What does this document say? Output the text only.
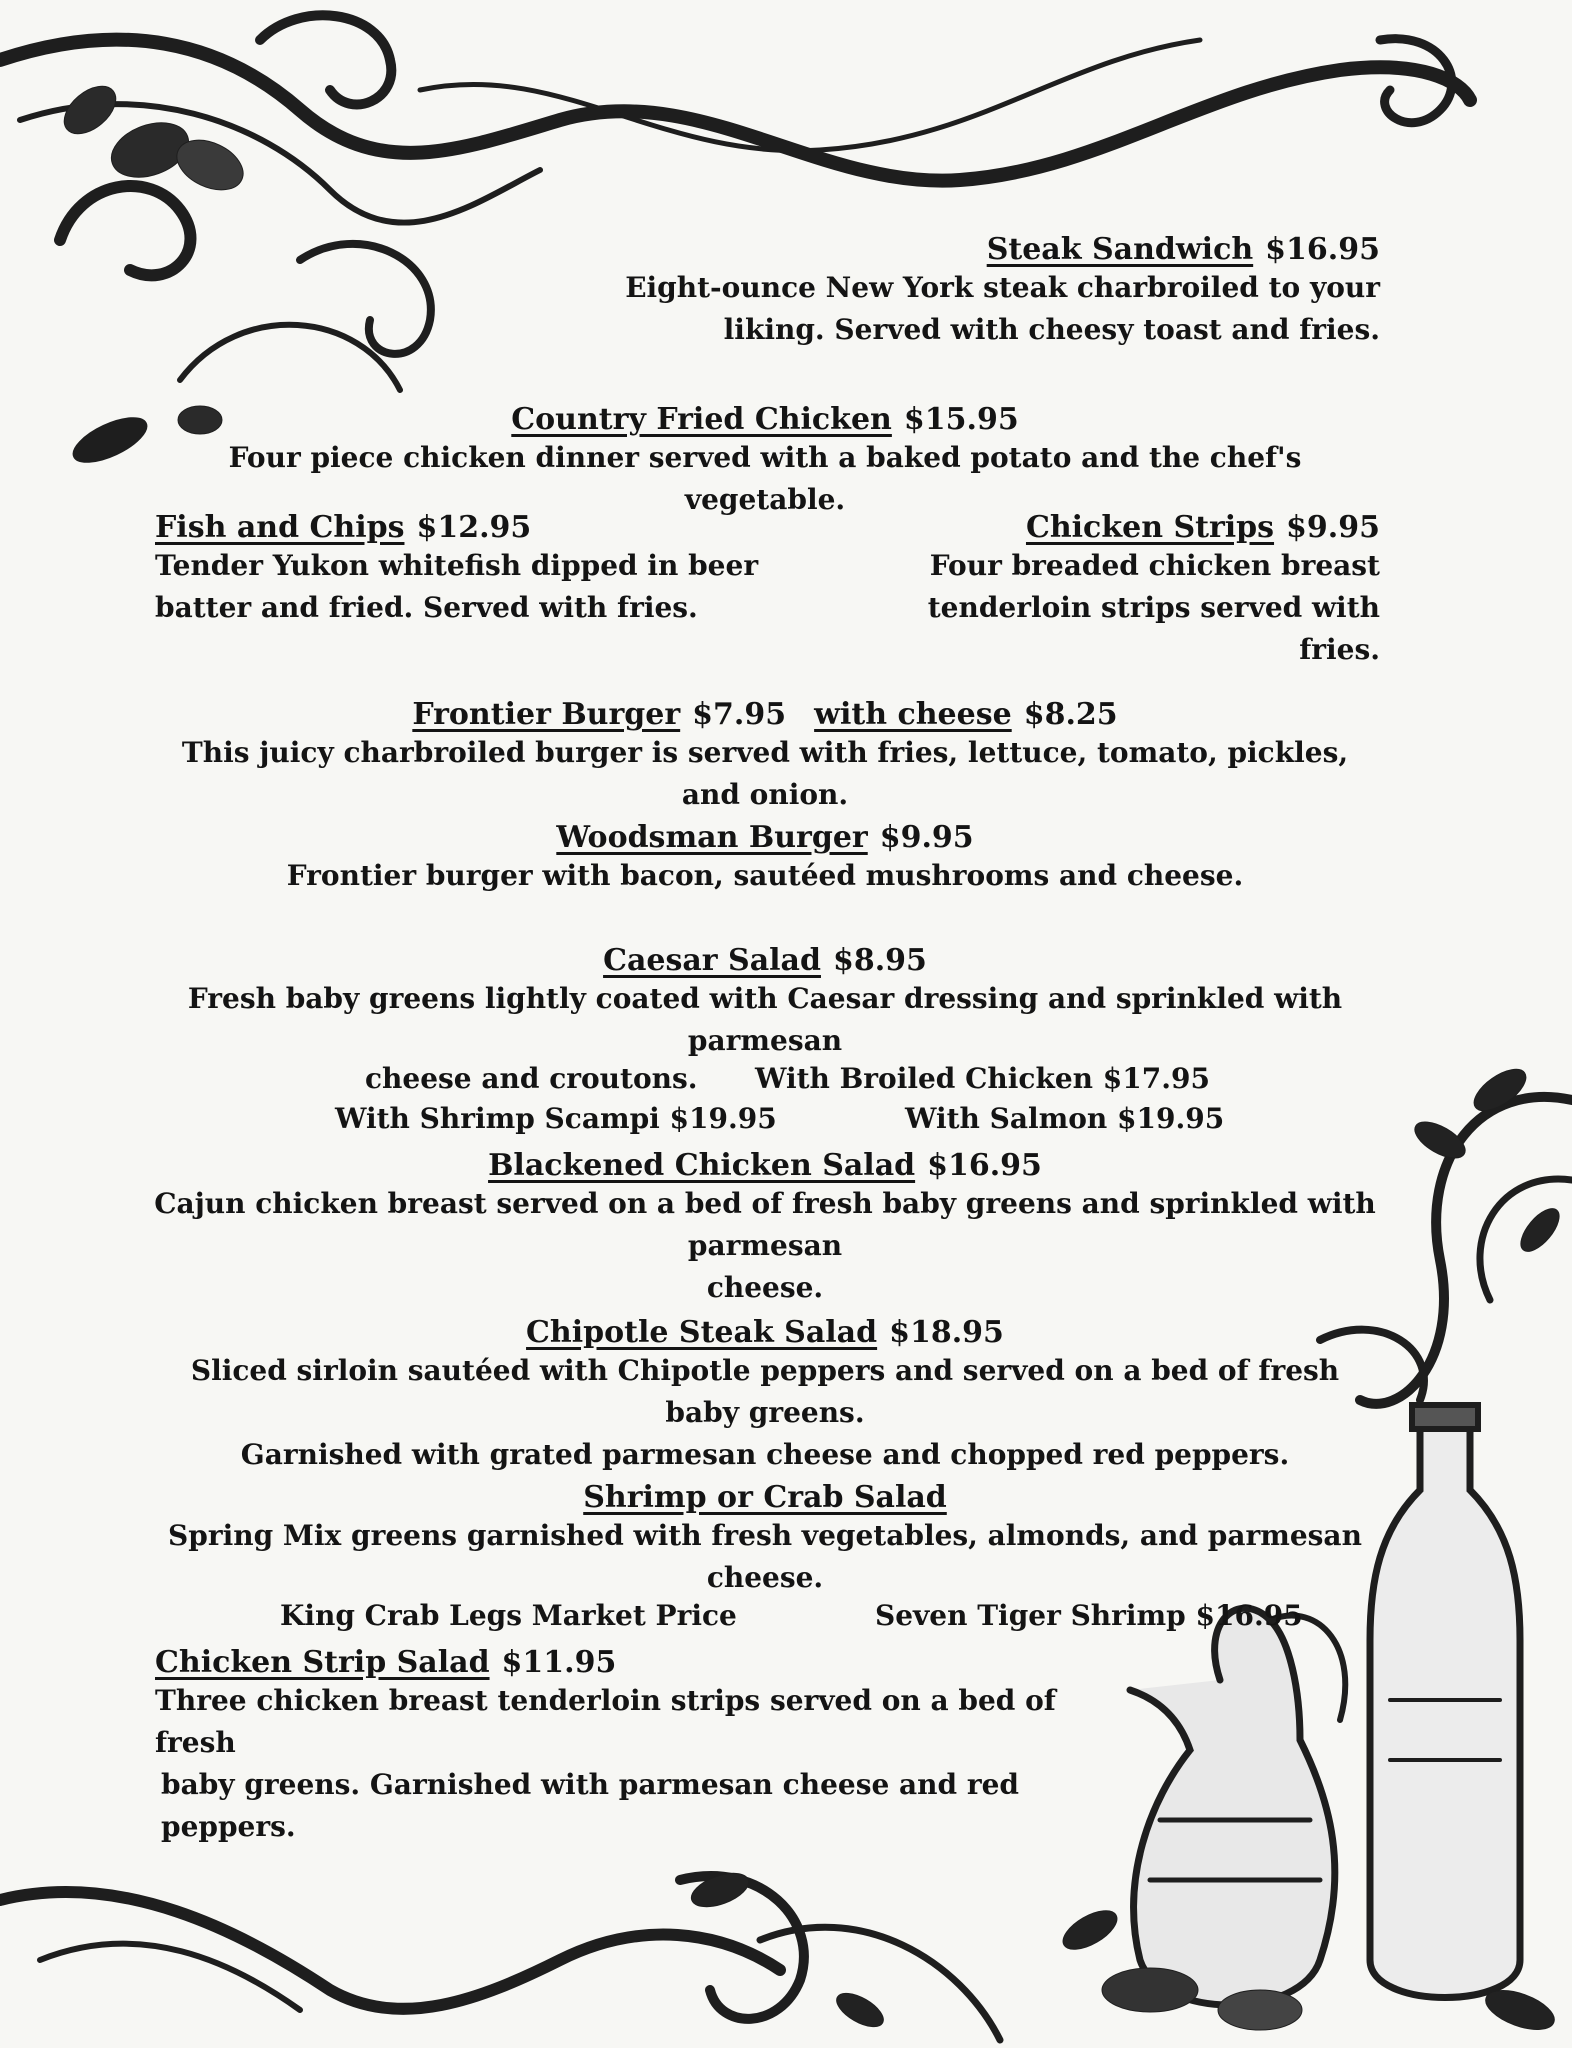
Steak Sandwich $16.95
Eight-ounce New York steak charbroiled to your
liking. Served with cheesy toast and fries.
Country Fried Chicken $15.95
Four piece chicken dinner served with a baked potato and the chef's vegetable.
Fish and Chips $12.95
Tender Yukon whitefish dipped in beer
batter and fried. Served with fries.
Chicken Strips $9.95
Four breaded chicken breast
tenderloin strips served with fries.
Frontier Burger $7.95 with cheese $8.25
This juicy charbroiled burger is served with fries, lettuce, tomato, pickles, and onion.
Woodsman Burger $9.95
Frontier burger with bacon, sautéed mushrooms and cheese.
Caesar Salad $8.95
Fresh baby greens lightly coated with Caesar dressing and sprinkled with parmesan
cheese and croutons. With Broiled Chicken $17.95
With Shrimp Scampi $19.95	With Salmon $19.95
Blackened Chicken Salad $16.95
Cajun chicken breast served on a bed of fresh baby greens and sprinkled with parmesan
cheese.
Chipotle Steak Salad $18.95
Sliced sirloin sautéed with Chipotle peppers and served on a bed of fresh baby greens.
Garnished with grated parmesan cheese and chopped red peppers.
Shrimp or Crab Salad
Spring Mix greens garnished with fresh vegetables, almonds, and parmesan cheese.
King Crab Legs Market Price	Seven Tiger Shrimp $16.95
Chicken Strip Salad $11.95
Three chicken breast tenderloin strips served on a bed of fresh
baby greens. Garnished with parmesan cheese and red peppers.
